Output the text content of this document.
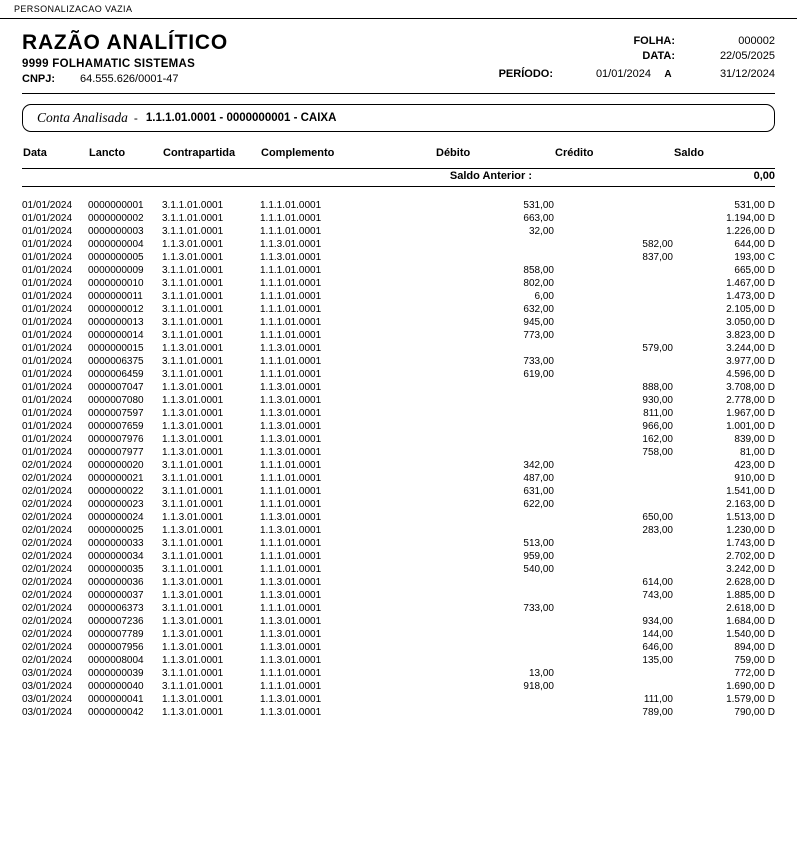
PERSONALIZACAO VAZIA
RAZÃO ANALÍTICO
9999 FOLHAMATIC SISTEMAS
CNPJ:	64.555.626/0001-47
FOLHA:	000002
DATA:	22/05/2025
PERÍODO:	01/01/2024	A	31/12/2024
Conta Analisada - 1.1.1.01.0001 - 0000000001 - CAIXA
Data	Lancto	Contrapartida	Complemento	Débito	Crédito	Saldo

Saldo Anterior :						0,00

01/01/2024	0000000001	3.1.1.01.0001	1.1.1.01.0001	531,00		531,00 D
01/01/2024	0000000002	3.1.1.01.0001	1.1.1.01.0001	663,00		1.194,00 D
01/01/2024	0000000003	3.1.1.01.0001	1.1.1.01.0001	32,00		1.226,00 D
01/01/2024	0000000004	1.1.3.01.0001	1.1.3.01.0001		582,00	644,00 D
01/01/2024	0000000005	1.1.3.01.0001	1.1.3.01.0001		837,00	193,00 C
01/01/2024	0000000009	3.1.1.01.0001	1.1.1.01.0001	858,00		665,00 D
01/01/2024	0000000010	3.1.1.01.0001	1.1.1.01.0001	802,00		1.467,00 D
01/01/2024	0000000011	3.1.1.01.0001	1.1.1.01.0001	6,00		1.473,00 D
01/01/2024	0000000012	3.1.1.01.0001	1.1.1.01.0001	632,00		2.105,00 D
01/01/2024	0000000013	3.1.1.01.0001	1.1.1.01.0001	945,00		3.050,00 D
01/01/2024	0000000014	3.1.1.01.0001	1.1.1.01.0001	773,00		3.823,00 D
01/01/2024	0000000015	1.1.3.01.0001	1.1.3.01.0001		579,00	3.244,00 D
01/01/2024	0000006375	3.1.1.01.0001	1.1.1.01.0001	733,00		3.977,00 D
01/01/2024	0000006459	3.1.1.01.0001	1.1.1.01.0001	619,00		4.596,00 D
01/01/2024	0000007047	1.1.3.01.0001	1.1.3.01.0001		888,00	3.708,00 D
01/01/2024	0000007080	1.1.3.01.0001	1.1.3.01.0001		930,00	2.778,00 D
01/01/2024	0000007597	1.1.3.01.0001	1.1.3.01.0001		811,00	1.967,00 D
01/01/2024	0000007659	1.1.3.01.0001	1.1.3.01.0001		966,00	1.001,00 D
01/01/2024	0000007976	1.1.3.01.0001	1.1.3.01.0001		162,00	839,00 D
01/01/2024	0000007977	1.1.3.01.0001	1.1.3.01.0001		758,00	81,00 D
02/01/2024	0000000020	3.1.1.01.0001	1.1.1.01.0001	342,00		423,00 D
02/01/2024	0000000021	3.1.1.01.0001	1.1.1.01.0001	487,00		910,00 D
02/01/2024	0000000022	3.1.1.01.0001	1.1.1.01.0001	631,00		1.541,00 D
02/01/2024	0000000023	3.1.1.01.0001	1.1.1.01.0001	622,00		2.163,00 D
02/01/2024	0000000024	1.1.3.01.0001	1.1.3.01.0001		650,00	1.513,00 D
02/01/2024	0000000025	1.1.3.01.0001	1.1.3.01.0001		283,00	1.230,00 D
02/01/2024	0000000033	3.1.1.01.0001	1.1.1.01.0001	513,00		1.743,00 D
02/01/2024	0000000034	3.1.1.01.0001	1.1.1.01.0001	959,00		2.702,00 D
02/01/2024	0000000035	3.1.1.01.0001	1.1.1.01.0001	540,00		3.242,00 D
02/01/2024	0000000036	1.1.3.01.0001	1.1.3.01.0001		614,00	2.628,00 D
02/01/2024	0000000037	1.1.3.01.0001	1.1.3.01.0001		743,00	1.885,00 D
02/01/2024	0000006373	3.1.1.01.0001	1.1.1.01.0001	733,00		2.618,00 D
02/01/2024	0000007236	1.1.3.01.0001	1.1.3.01.0001		934,00	1.684,00 D
02/01/2024	0000007789	1.1.3.01.0001	1.1.3.01.0001		144,00	1.540,00 D
02/01/2024	0000007956	1.1.3.01.0001	1.1.3.01.0001		646,00	894,00 D
02/01/2024	0000008004	1.1.3.01.0001	1.1.3.01.0001		135,00	759,00 D
03/01/2024	0000000039	3.1.1.01.0001	1.1.1.01.0001	13,00		772,00 D
03/01/2024	0000000040	3.1.1.01.0001	1.1.1.01.0001	918,00		1.690,00 D
03/01/2024	0000000041	1.1.3.01.0001	1.1.3.01.0001		111,00	1.579,00 D
03/01/2024	0000000042	1.1.3.01.0001	1.1.3.01.0001		789,00	790,00 D
